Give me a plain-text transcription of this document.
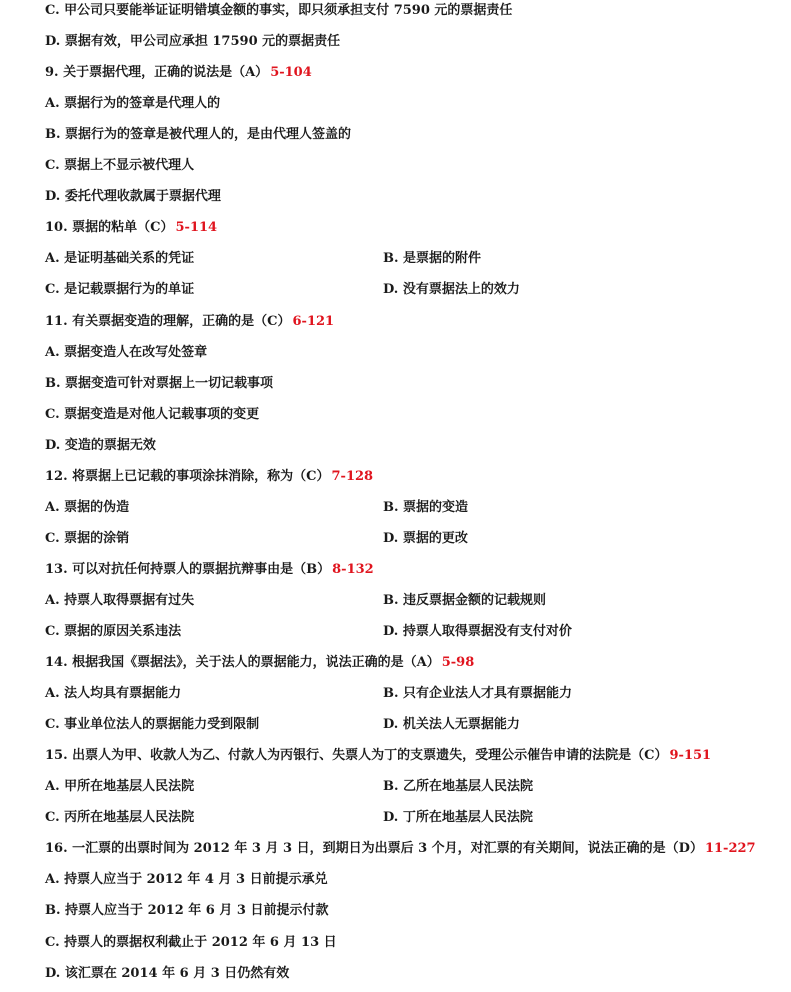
C. 甲公司只要能举证证明错填金额的事实，即只须承担支付 7590 元的票据责任
D. 票据有效，甲公司应承担 17590 元的票据责任
9. 关于票据代理，正确的说法是（A） 5-104
A. 票据行为的签章是代理人的
B. 票据行为的签章是被代理人的，是由代理人签盖的
C. 票据上不显示被代理人
D. 委托代理收款属于票据代理
10. 票据的粘单（C） 5-114
A. 是证明基础关系的凭证	B. 是票据的附件
C. 是记载票据行为的单证	D. 没有票据法上的效力
11. 有关票据变造的理解，正确的是（C） 6-121
A. 票据变造人在改写处签章
B. 票据变造可针对票据上一切记载事项
C. 票据变造是对他人记载事项的变更
D. 变造的票据无效
12. 将票据上已记载的事项涂抹消除，称为（C） 7-128
A. 票据的伪造	B. 票据的变造
C. 票据的涂销	D. 票据的更改
13. 可以对抗任何持票人的票据抗辩事由是（B） 8-132
A. 持票人取得票据有过失	B. 违反票据金额的记载规则
C. 票据的原因关系违法	D. 持票人取得票据没有支付对价
14. 根据我国《票据法》，关于法人的票据能力，说法正确的是（A） 5-98
A. 法人均具有票据能力	B. 只有企业法人才具有票据能力
C. 事业单位法人的票据能力受到限制	D. 机关法人无票据能力
15. 出票人为甲、收款人为乙、付款人为丙银行、失票人为丁的支票遗失，受理公示催告申请的法院是（C） 9-151
A. 甲所在地基层人民法院	B. 乙所在地基层人民法院
C. 丙所在地基层人民法院	D. 丁所在地基层人民法院
16. 一汇票的出票时间为 2012 年 3 月 3 日，到期日为出票后 3 个月，对汇票的有关期间，说法正确的是（D） 11-227
A. 持票人应当于 2012 年 4 月 3 日前提示承兑
B. 持票人应当于 2012 年 6 月 3 日前提示付款
C. 持票人的票据权利截止于 2012 年 6 月 13 日
D. 该汇票在 2014 年 6 月 3 日仍然有效
